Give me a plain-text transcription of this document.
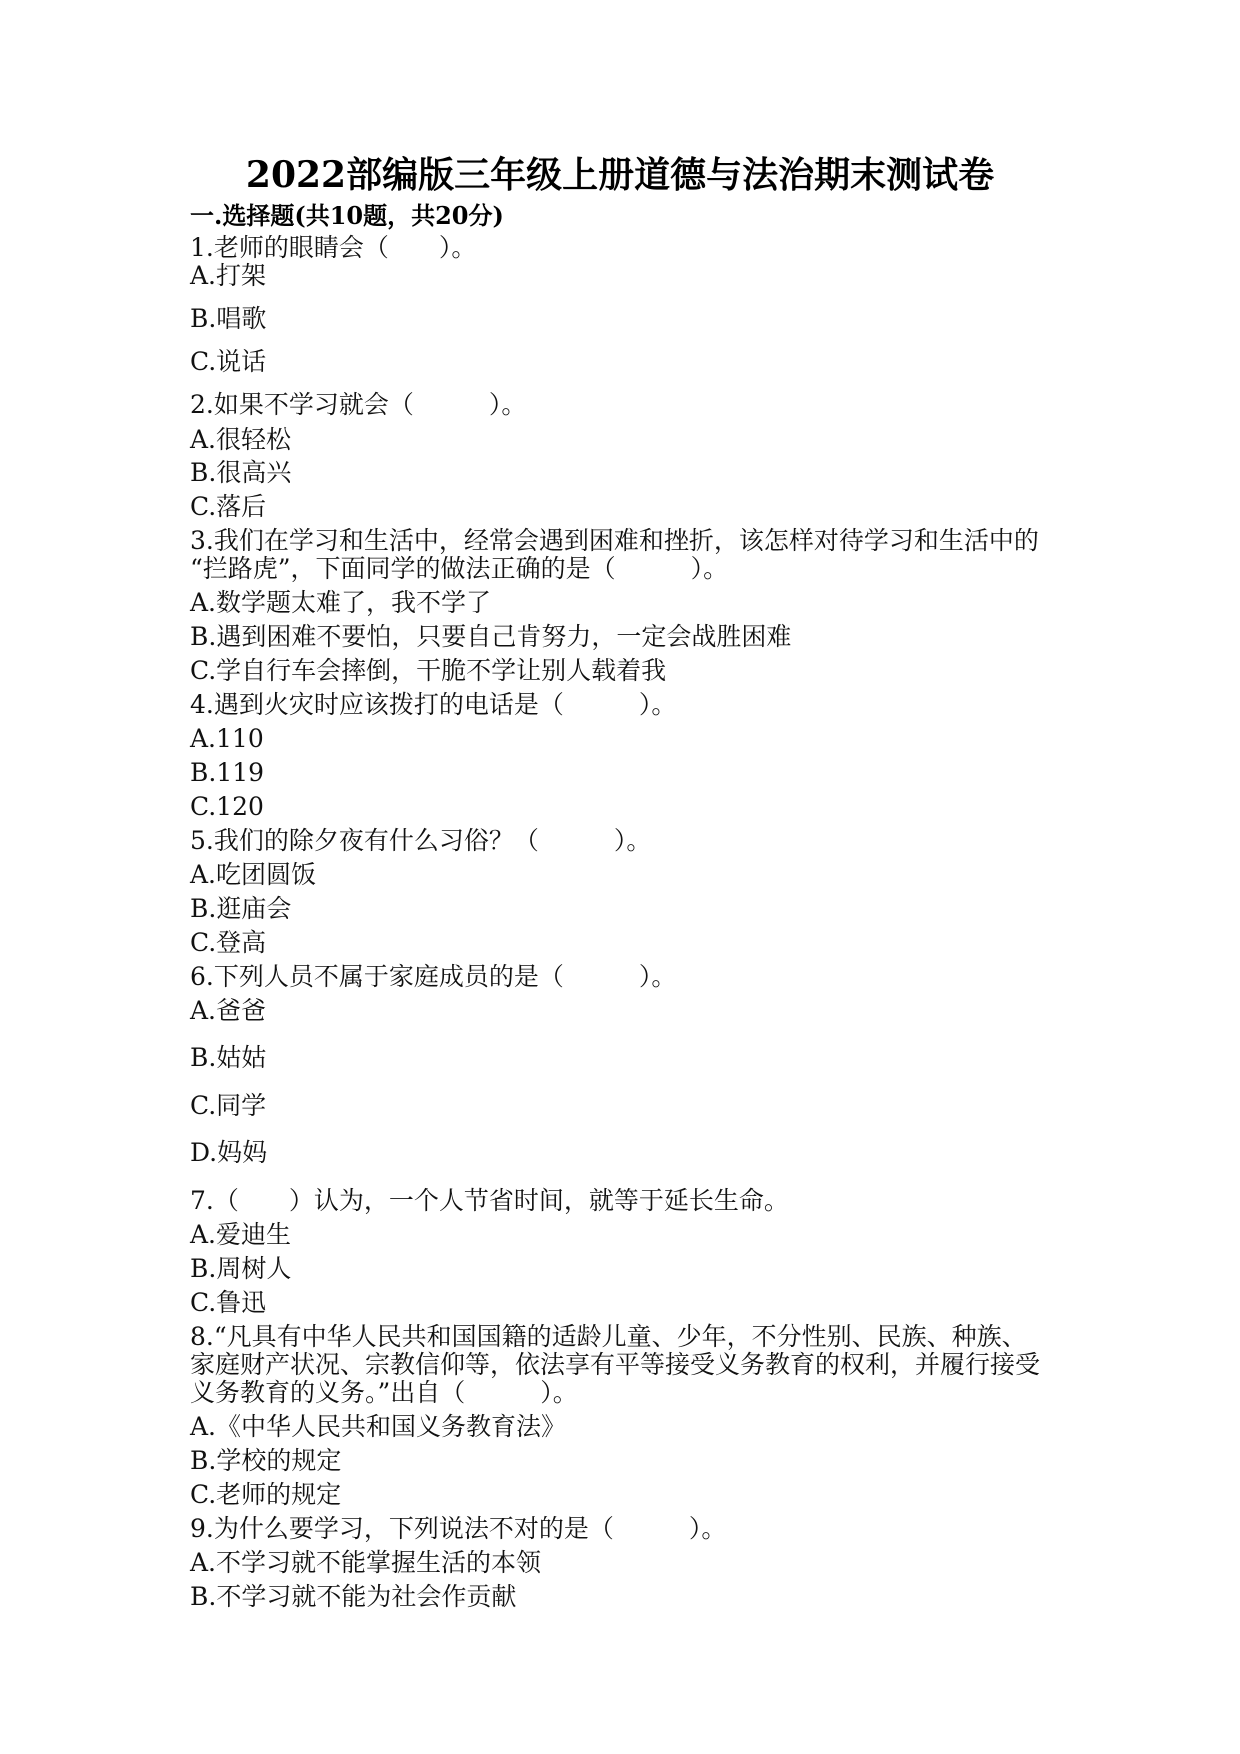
2022部编版三年级上册道德与法治期末测试卷
一.选择题(共10题，共20分)
1.老师的眼睛会（　　）。
A.打架
B.唱歌
C.说话
2.如果不学习就会（　　　）。
A.很轻松
B.很高兴
C.落后
3.我们在学习和生活中，经常会遇到困难和挫折，该怎样对待学习和生活中的
“拦路虎”，下面同学的做法正确的是（　　　）。
A.数学题太难了，我不学了
B.遇到困难不要怕，只要自己肯努力，一定会战胜困难
C.学自行车会摔倒，干脆不学让别人载着我
4.遇到火灾时应该拨打的电话是（　　　）。
A.110
B.119
C.120
5.我们的除夕夜有什么习俗？（　　　）。
A.吃团圆饭
B.逛庙会
C.登高
6.下列人员不属于家庭成员的是（　　　）。
A.爸爸
B.姑姑
C.同学
D.妈妈
7.（　　）认为，一个人节省时间，就等于延长生命。
A.爱迪生
B.周树人
C.鲁迅
8.“凡具有中华人民共和国国籍的适龄儿童、少年，不分性别、民族、种族、
家庭财产状况、宗教信仰等，依法享有平等接受义务教育的权利，并履行接受
义务教育的义务。”出自（　　　）。
A.《中华人民共和国义务教育法》
B.学校的规定
C.老师的规定
9.为什么要学习，下列说法不对的是（　　　）。
A.不学习就不能掌握生活的本领
B.不学习就不能为社会作贡献
